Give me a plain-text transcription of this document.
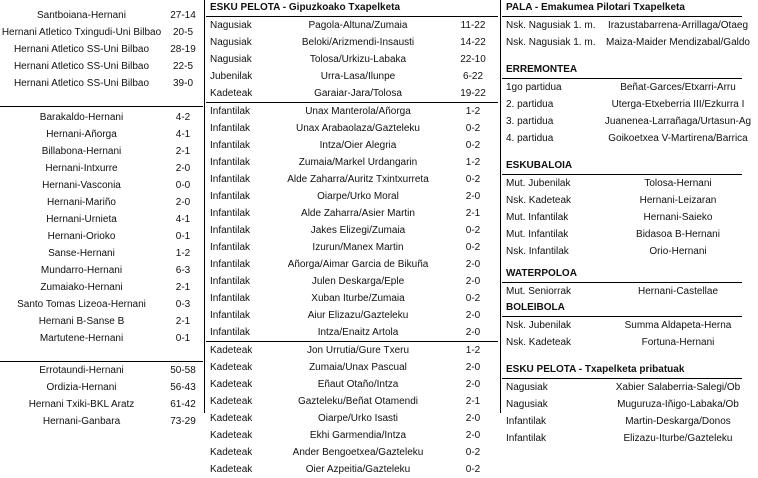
Santboiana-Hernani	27-14
Hernani Atletico Txingudi-Uni Bilbao	20-5
Hernani Atletico SS-Uni Bilbao	28-19
Hernani Atletico SS-Uni Bilbao	22-5
Hernani Atletico SS-Uni Bilbao	39-0
Barakaldo-Hernani	4-2
Hernani-Añorga	4-1
Billabona-Hernani	2-1
Hernani-Intxurre	2-0
Hernani-Vasconia	0-0
Hernani-Mariño	2-0
Hernani-Urnieta	4-1
Hernani-Orioko	0-1
Sanse-Hernani	1-2
Mundarro-Hernani	6-3
Zumaiako-Hernani	2-1
Santo Tomas Lizeoa-Hernani	0-3
Hernani B-Sanse B	2-1
Martutene-Hernani	0-1
Errotaundi-Hernani	50-58
Ordizia-Hernani	56-43
Hernani Txiki-BKL Aratz	61-42
Hernani-Ganbara	73-29
ESKU PELOTA - Gipuzkoako Txapelketa
Nagusiak	Pagola-Altuna/Zumaia	11-22
Nagusiak	Beloki/Arizmendi-Insausti	14-22
Nagusiak	Tolosa/Urkizu-Labaka	22-10
Jubenilak	Urra-Lasa/Ilunpe	6-22
Kadeteak	Garaiar-Jara/Tolosa	19-22
Infantilak	Unax Manterola/Añorga	1-2
Infantilak	Unax Arabaolaza/Gazteleku	0-2
Infantilak	Intza/Oier Alegria	0-2
Infantilak	Zumaia/Markel Urdangarin	1-2
Infantilak	Alde Zaharra/Auritz Txintxurreta	0-2
Infantilak	Oiarpe/Urko Moral	2-0
Infantilak	Alde Zaharra/Asier Martin	2-1
Infantilak	Jakes Elizegi/Zumaia	0-2
Infantilak	Izurun/Manex Martin	0-2
Infantilak	Añorga/Aimar Garcia de Bikuña	2-0
Infantilak	Julen Deskarga/Eple	2-0
Infantilak	Xuban Iturbe/Zumaia	0-2
Infantilak	Aiur Elizazu/Gazteleku	2-0
Infantilak	Intza/Enaitz Artola	2-0
Kadeteak	Jon Urrutia/Gure Txeru	1-2
Kadeteak	Zumaia/Unax Pascual	2-0
Kadeteak	Eñaut Otaño/Intza	2-0
Kadeteak	Gazteleku/Beñat Otamendi	2-1
Kadeteak	Oiarpe/Urko Isasti	2-0
Kadeteak	Ekhi Garmendia/Intza	2-0
Kadeteak	Ander Bengoetxea/Gazteleku	0-2
Kadeteak	Oier Azpeitia/Gazteleku	0-2
PALA - Emakumea Pilotari Txapelketa
Nsk. Nagusiak 1. m.	Irazustabarrena-Arrillaga/Otaeg
Nsk. Nagusiak 1. m.	Maiza-Maider Mendizabal/Galdo
ERREMONTEA
1go partidua	Beñat-Garces/Etxarri-Arru
2. partidua	Uterga-Etxeberria III/Ezkurra I
3. partidua	Juanenea-Larrañaga/Urtasun-Ag
4. partidua	Goikoetxea V-Martirena/Barrica
ESKUBALOIA
Mut. Jubenilak	Tolosa-Hernani
Nsk. Kadeteak	Hernani-Leizaran
Mut. Infantilak	Hernani-Saieko
Mut. Infantilak	Bidasoa B-Hernani
Nsk. Infantilak	Orio-Hernani
WATERPOLOA
Mut. Seniorrak	Hernani-Castellae
BOLEIBOLA
Nsk. Jubenilak	Summa Aldapeta-Herna
Nsk. Kadeteak	Fortuna-Hernani
ESKU PELOTA - Txapelketa pribatuak
Nagusiak	Xabier Salaberria-Salegi/Ob
Nagusiak	Muguruza-Iñigo-Labaka/Ob
Infantilak	Martin-Deskarga/Donos
Infantilak	Elizazu-Iturbe/Gazteleku
